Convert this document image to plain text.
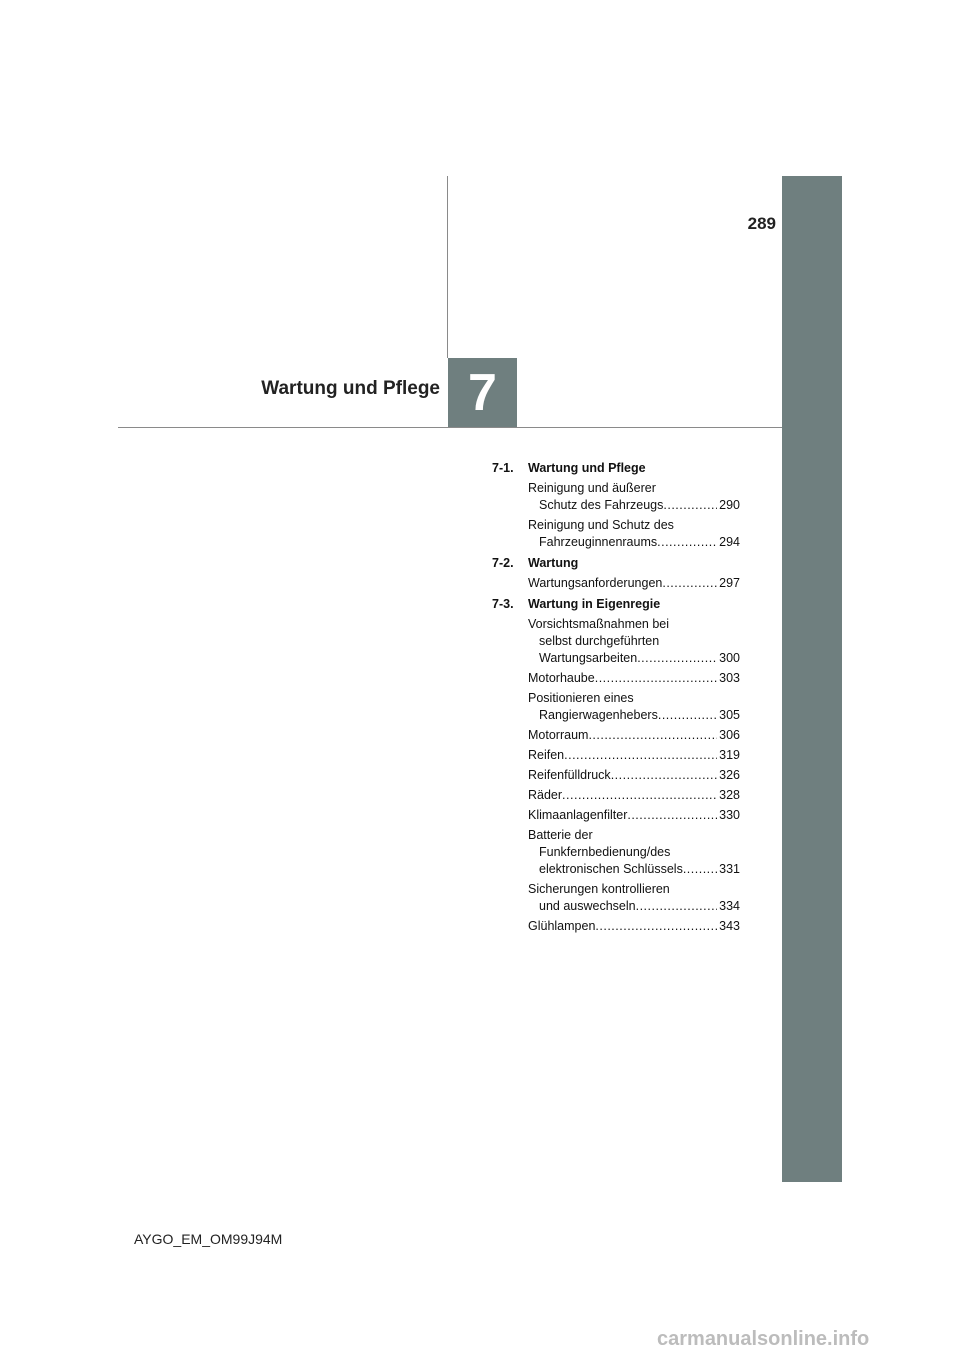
289
Wartung und Pflege 7
7-1.	Wartung und Pflege
Reinigung und äußerer
Schutz des Fahrzeugs .....	290
Reinigung und Schutz des
Fahrzeuginnenraums .....	294
7-2.	Wartung
Wartungsanforderungen .....	297
7-3.	Wartung in Eigenregie
Vorsichtsmaßnahmen bei
selbst durchgeführten
Wartungsarbeiten .....	300
Motorhaube .....	303
Positionieren eines
Rangierwagenhebers .....	305
Motorraum .....	306
Reifen .....	319
Reifenfülldruck .....	326
Räder .....	328
Klimaanlagenfilter .....	330
Batterie der
Funkfernbedienung/des
elektronischen Schlüssels .....	331
Sicherungen kontrollieren
und auswechseln .....	334
Glühlampen .....	343
AYGO_EM_OM99J94M
carmanualsonline.info
